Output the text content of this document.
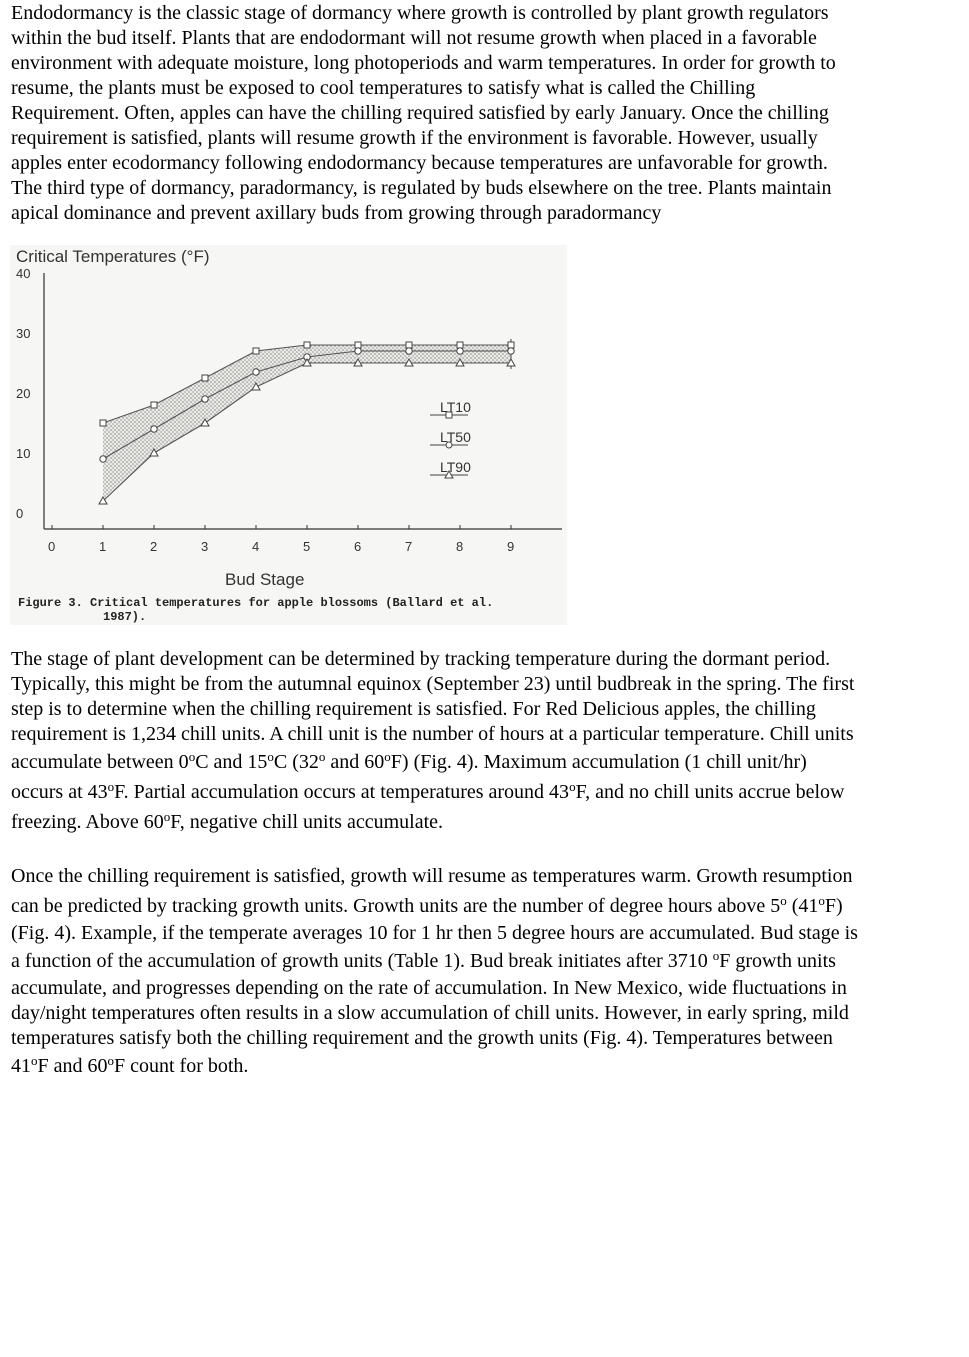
Endodormancy is the classic stage of dormancy where growth is controlled by plant growth regulators
within the bud itself. Plants that are endodormant will not resume growth when placed in a favorable
environment with adequate moisture, long photoperiods and warm temperatures. In order for growth to
resume, the plants must be exposed to cool temperatures to satisfy what is called the Chilling
Requirement. Often, apples can have the chilling required satisfied by early January. Once the chilling
requirement is satisfied, plants will resume growth if the environment is favorable. However, usually
apples enter ecodormancy following endodormancy because temperatures are unfavorable for growth.
The third type of dormancy, paradormancy, is regulated by buds elsewhere on the tree. Plants maintain
apical dominance and prevent axillary buds from growing through paradormancy
Critical Temperatures (°F)
0	1	2	3	4	5	6	7	8	9
0
10
20
30
40
LT10
LT50
LT90
Bud Stage
Figure 3. Critical temperatures for apple blossoms (Ballard et al.
1987).
The stage of plant development can be determined by tracking temperature during the dormant period.
Typically, this might be from the autumnal equinox (September 23) until budbreak in the spring. The first
step is to determine when the chilling requirement is satisfied. For Red Delicious apples, the chilling
requirement is 1,234 chill units. A chill unit is the number of hours at a particular temperature. Chill units
accumulate between 0$^o$C and 15$^o$C (32$^o$ and 60$^o$F) (Fig. 4). Maximum accumulation (1 chill unit/hr)
occurs at 43$^o$F. Partial accumulation occurs at temperatures around 43$^o$F, and no chill units accrue below
freezing. Above 60$^o$F, negative chill units accumulate.
Once the chilling requirement is satisfied, growth will resume as temperatures warm. Growth resumption
can be predicted by tracking growth units. Growth units are the number of degree hours above 5$^o$ (41$^o$F)
(Fig. 4). Example, if the temperate averages 10 for 1 hr then 5 degree hours are accumulated. Bud stage is
a function of the accumulation of growth units (Table 1). Bud break initiates after 3710 $^o$F growth units
accumulate, and progresses depending on the rate of accumulation. In New Mexico, wide fluctuations in
day/night temperatures often results in a slow accumulation of chill units. However, in early spring, mild
temperatures satisfy both the chilling requirement and the growth units (Fig. 4). Temperatures between
41$^o$F and 60$^o$F count for both.
